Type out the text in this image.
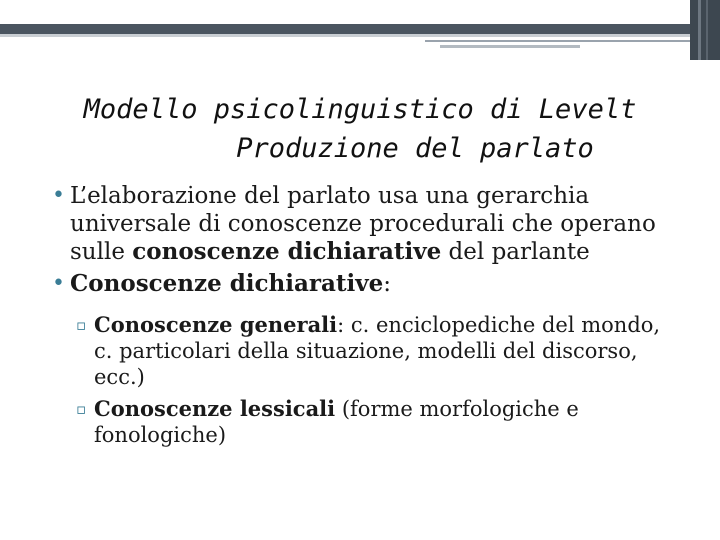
Modello psicolinguistico di Levelt
Produzione del parlato
• L’elaborazione del parlato usa una gerarchia universale di conoscenze procedurali che operano sulle conoscenze dichiarative del parlante
• Conoscenze dichiarative:
▫ Conoscenze generali: c. enciclopediche del mondo, c. particolari della situazione, modelli del discorso, ecc.)
▫ Conoscenze lessicali (forme morfologiche e fonologiche)
